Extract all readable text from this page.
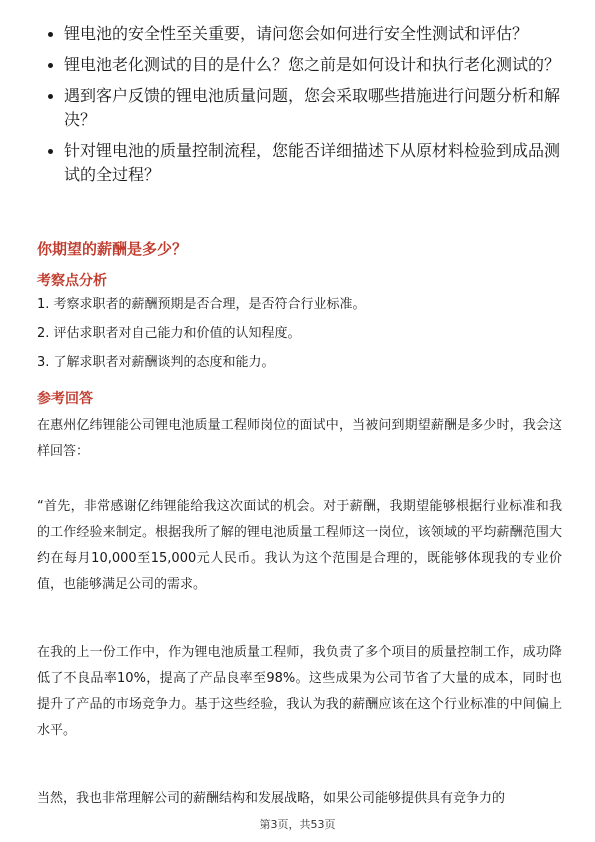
锂电池的安全性至关重要，请问您会如何进行安全性测试和评估？
锂电池老化测试的目的是什么？您之前是如何设计和执行老化测试的？
遇到客户反馈的锂电池质量问题，您会采取哪些措施进行问题分析和解决？
针对锂电池的质量控制流程，您能否详细描述下从原材料检验到成品测试的全过程？
你期望的薪酬是多少？
考察点分析
1. 考察求职者的薪酬预期是否合理，是否符合行业标准。
2. 评估求职者对自己能力和价值的认知程度。
3. 了解求职者对薪酬谈判的态度和能力。
参考回答

在惠州亿纬锂能公司锂电池质量工程师岗位的面试中，当被问到期望薪酬是多少时，我会这样回答：

“首先，非常感谢亿纬锂能给我这次面试的机会。对于薪酬，我期望能够根据行业标准和我的工作经验来制定。根据我所了解的锂电池质量工程师这一岗位，该领域的平均薪酬范围大约在每月10,000至15,000元人民币。我认为这个范围是合理的，既能够体现我的专业价值，也能够满足公司的需求。

在我的上一份工作中，作为锂电池质量工程师，我负责了多个项目的质量控制工作，成功降低了不良品率10%，提高了产品良率至98%。这些成果为公司节省了大量的成本，同时也提升了产品的市场竞争力。基于这些经验，我认为我的薪酬应该在这个行业标准的中间偏上水平。

当然，我也非常理解公司的薪酬结构和发展战略，如果公司能够提供具有竞争力的

第3页，共53页
